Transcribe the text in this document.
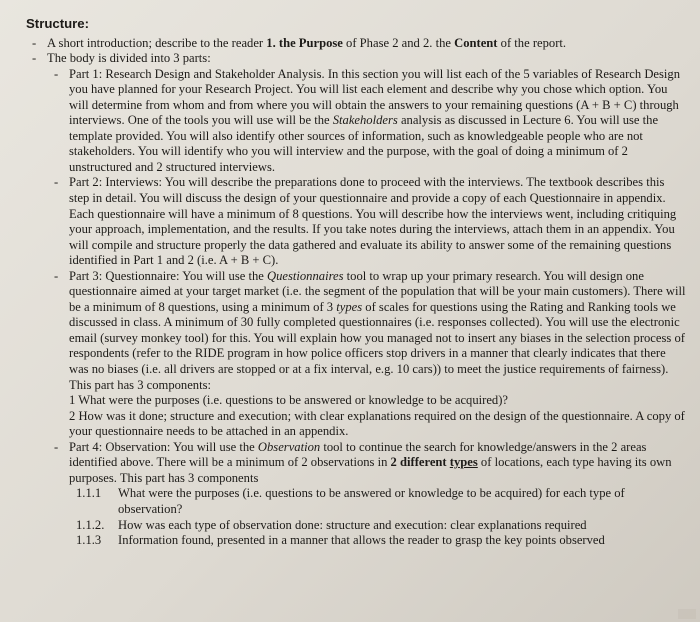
Structure:
- A short introduction; describe to the reader 1. the Purpose of Phase 2 and 2. the Content of the report.
- The body is divided into 3 parts:
- Part 1: Research Design and Stakeholder Analysis. In this section you will list each of the 5 variables of Research Design you have planned for your Research Project. You will list each element and describe why you chose which option. You will determine from whom and from where you will obtain the answers to your remaining questions (A + B + C) through interviews. One of the tools you will use will be the Stakeholders analysis as discussed in Lecture 6. You will use the template provided. You will also identify other sources of information, such as knowledgeable people who are not stakeholders. You will identify who you will interview and the purpose, with the goal of doing a minimum of 2 unstructured and 2 structured interviews.
- Part 2: Interviews: You will describe the preparations done to proceed with the interviews. The textbook describes this step in detail. You will discuss the design of your questionnaire and provide a copy of each Questionnaire in appendix. Each questionnaire will have a minimum of 8 questions. You will describe how the interviews went, including critiquing your approach, implementation, and the results. If you take notes during the interviews, attach them in an appendix. You will compile and structure properly the data gathered and evaluate its ability to answer some of the remaining questions identified in Part 1 and 2 (i.e. A + B + C).
- Part 3: Questionnaire: You will use the Questionnaires tool to wrap up your primary research. You will design one questionnaire aimed at your target market (i.e. the segment of the population that will be your main customers). There will be a minimum of 8 questions, using a minimum of 3 types of scales for questions using the Rating and Ranking tools we discussed in class. A minimum of 30 fully completed questionnaires (i.e. responses collected). You will use the electronic email (survey monkey tool) for this. You will explain how you managed not to insert any biases in the selection process of respondents (refer to the RIDE program in how police officers stop drivers in a manner that clearly indicates that there was no biases (i.e. all drivers are stopped or at a fix interval, e.g. 10 cars)) to meet the justice requirements of fairness). This part has 3 components:
1 What were the purposes (i.e. questions to be answered or knowledge to be acquired)?
2 How was it done; structure and execution; with clear explanations required on the design of the questionnaire. A copy of your questionnaire needs to be attached in an appendix.
- Part 4: Observation: You will use the Observation tool to continue the search for knowledge/answers in the 2 areas identified above. There will be a minimum of 2 observations in 2 different types of locations, each type having its own purposes. This part has 3 components
1.1.1	What were the purposes (i.e. questions to be answered or knowledge to be acquired) for each type of observation?
1.1.2.	How was each type of observation done: structure and execution: clear explanations required
1.1.3	Information found, presented in a manner that allows the reader to grasp the key points observed
